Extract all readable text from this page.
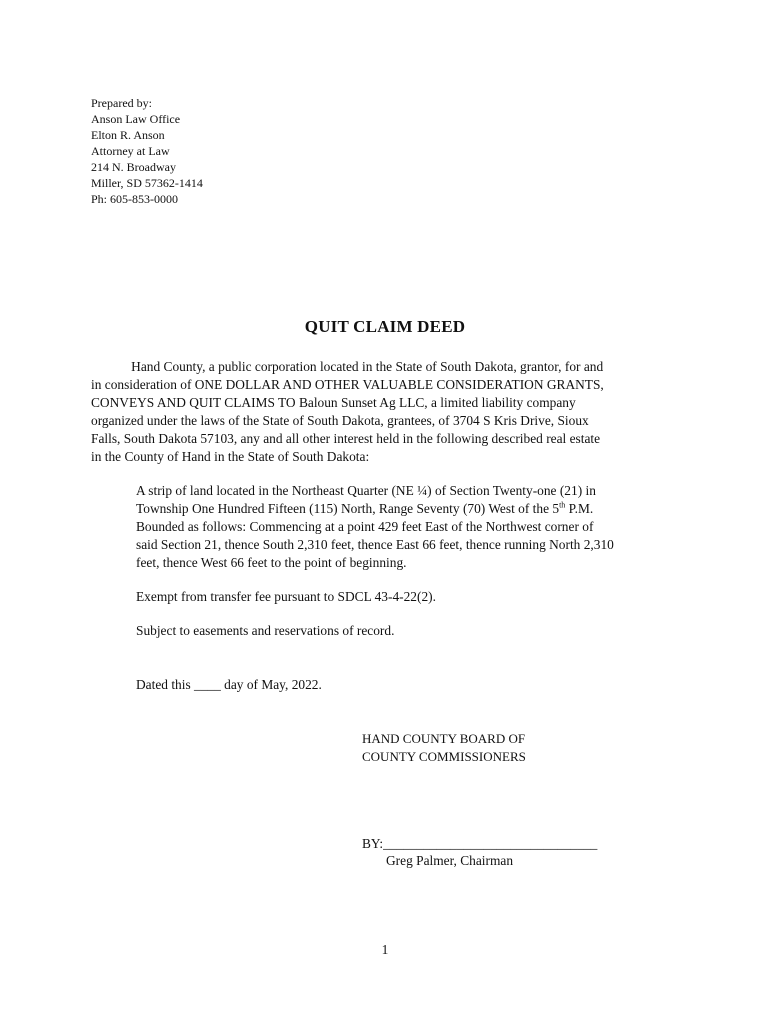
Prepared by:
Anson Law Office
Elton R. Anson
Attorney at Law
214 N. Broadway
Miller, SD 57362-1414
Ph: 605-853-0000
QUIT CLAIM DEED
Hand County, a public corporation located in the State of South Dakota, grantor, for and
in consideration of ONE DOLLAR AND OTHER VALUABLE CONSIDERATION GRANTS,
CONVEYS AND QUIT CLAIMS TO Baloun Sunset Ag LLC, a limited liability company
organized under the laws of the State of South Dakota, grantees, of 3704 S Kris Drive, Sioux
Falls, South Dakota 57103, any and all other interest held in the following described real estate
in the County of Hand in the State of South Dakota:
A strip of land located in the Northeast Quarter (NE ¼) of Section Twenty-one (21) in
Township One Hundred Fifteen (115) North, Range Seventy (70) West of the 5th P.M.
Bounded as follows: Commencing at a point 429 feet East of the Northwest corner of
said Section 21, thence South 2,310 feet, thence East 66 feet, thence running North 2,310
feet, thence West 66 feet to the point of beginning.
Exempt from transfer fee pursuant to SDCL 43-4-22(2).
Subject to easements and reservations of record.
Dated this ____ day of May, 2022.
HAND COUNTY BOARD OF
COUNTY COMMISSIONERS
BY:________________________________
Greg Palmer, Chairman
1
